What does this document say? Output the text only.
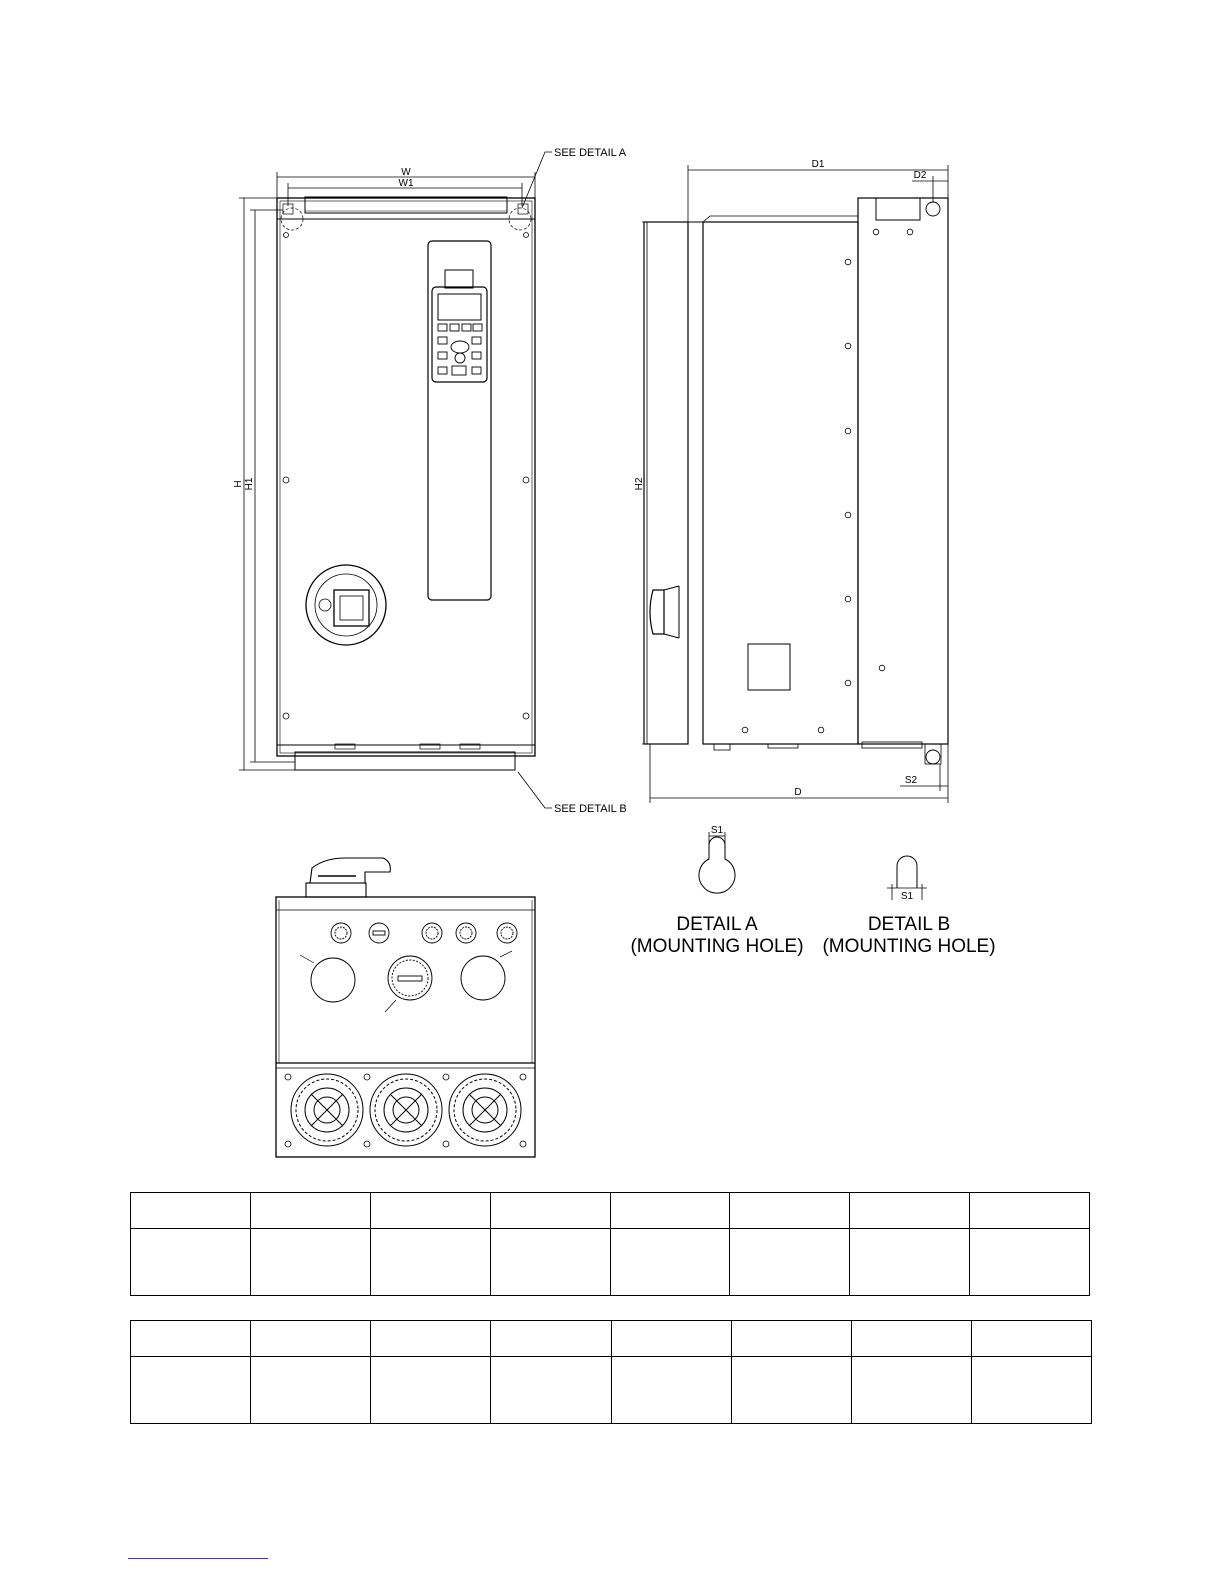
W
W1
H H1
SEE DETAIL A
SEE DETAIL B
D1
D2
H2
D
S2
S1
DETAIL A
(MOUNTING HOLE)
S1
DETAIL B
(MOUNTING HOLE)
